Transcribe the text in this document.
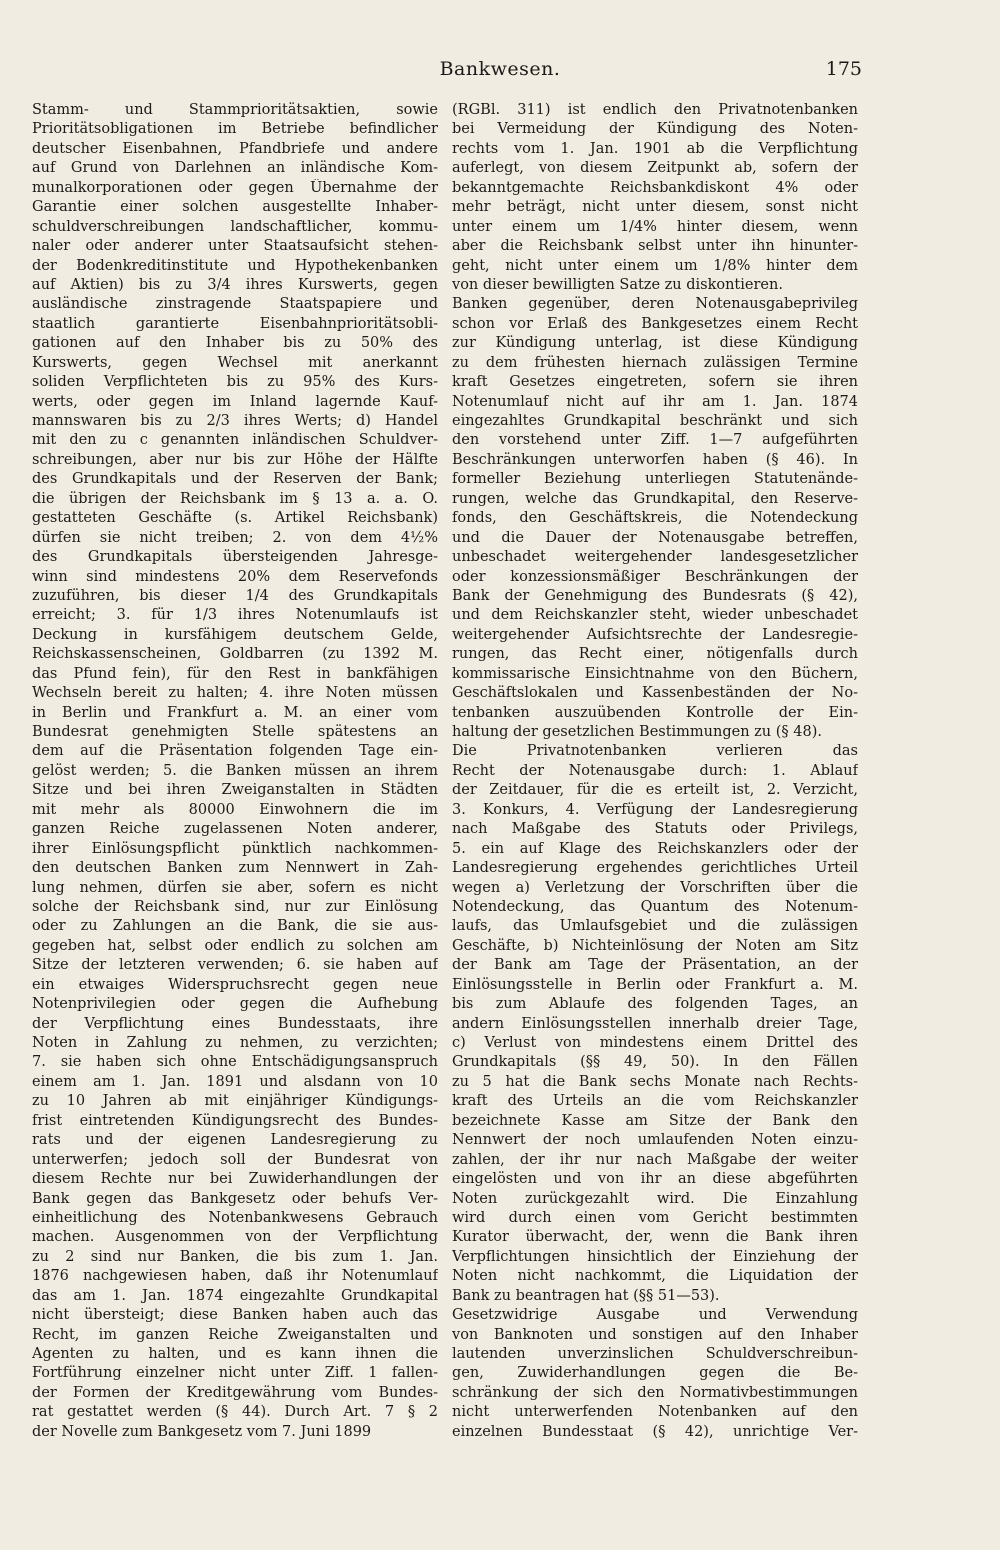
Bankwesen.	175
Stamm- und Stammprioritätsaktien, sowie
Prioritätsobligationen im Betriebe befindlicher
deutscher Eisenbahnen, Pfandbriefe und andere
auf Grund von Darlehnen an inländische Kom-
munalkorporationen oder gegen Übernahme der
Garantie einer solchen ausgestellte Inhaber-
schuldverschreibungen landschaftlicher, kommu-
naler oder anderer unter Staatsaufsicht stehen-
der Bodenkreditinstitute und Hypothekenbanken
auf Aktien) bis zu 3/4 ihres Kurswerts, gegen
ausländische zinstragende Staatspapiere und
staatlich garantierte Eisenbahnprioritätsobli-
gationen auf den Inhaber bis zu 50% des
Kurswerts, gegen Wechsel mit anerkannt
soliden Verpflichteten bis zu 95% des Kurs-
werts, oder gegen im Inland lagernde Kauf-
mannswaren bis zu 2/3 ihres Werts; d) Handel
mit den zu c genannten inländischen Schuldver-
schreibungen, aber nur bis zur Höhe der Hälfte
des Grundkapitals und der Reserven der Bank;
die übrigen der Reichsbank im § 13 a. a. O.
gestatteten Geschäfte (s. Artikel Reichsbank)
dürfen sie nicht treiben; 2. von dem 4½%
des Grundkapitals übersteigenden Jahresge-
winn sind mindestens 20% dem Reservefonds
zuzuführen, bis dieser 1/4 des Grundkapitals
erreicht; 3. für 1/3 ihres Notenumlaufs ist
Deckung in kursfähigem deutschem Gelde,
Reichskassenscheinen, Goldbarren (zu 1392 M.
das Pfund fein), für den Rest in bankfähigen
Wechseln bereit zu halten; 4. ihre Noten müssen
in Berlin und Frankfurt a. M. an einer vom
Bundesrat genehmigten Stelle spätestens an
dem auf die Präsentation folgenden Tage ein-
gelöst werden; 5. die Banken müssen an ihrem
Sitze und bei ihren Zweiganstalten in Städten
mit mehr als 80000 Einwohnern die im
ganzen Reiche zugelassenen Noten anderer,
ihrer Einlösungspflicht pünktlich nachkommen-
den deutschen Banken zum Nennwert in Zah-
lung nehmen, dürfen sie aber, sofern es nicht
solche der Reichsbank sind, nur zur Einlösung
oder zu Zahlungen an die Bank, die sie aus-
gegeben hat, selbst oder endlich zu solchen am
Sitze der letzteren verwenden; 6. sie haben auf
ein etwaiges Widerspruchsrecht gegen neue
Notenprivilegien oder gegen die Aufhebung
der Verpflichtung eines Bundesstaats, ihre
Noten in Zahlung zu nehmen, zu verzichten;
7. sie haben sich ohne Entschädigungsanspruch
einem am 1. Jan. 1891 und alsdann von 10
zu 10 Jahren ab mit einjähriger Kündigungs-
frist eintretenden Kündigungsrecht des Bundes-
rats und der eigenen Landesregierung zu
unterwerfen; jedoch soll der Bundesrat von
diesem Rechte nur bei Zuwiderhandlungen der
Bank gegen das Bankgesetz oder behufs Ver-
einheitlichung des Notenbankwesens Gebrauch
machen. Ausgenommen von der Verpflichtung
zu 2 sind nur Banken, die bis zum 1. Jan.
1876 nachgewiesen haben, daß ihr Notenumlauf
das am 1. Jan. 1874 eingezahlte Grundkapital
nicht übersteigt; diese Banken haben auch das
Recht, im ganzen Reiche Zweiganstalten und
Agenten zu halten, und es kann ihnen die
Fortführung einzelner nicht unter Ziff. 1 fallen-
der Formen der Kreditgewährung vom Bundes-
rat gestattet werden (§ 44). Durch Art. 7 § 2
der Novelle zum Bankgesetz vom 7. Juni 1899
(RGBl. 311) ist endlich den Privatnotenbanken
bei Vermeidung der Kündigung des Noten-
rechts vom 1. Jan. 1901 ab die Verpflichtung
auferlegt, von diesem Zeitpunkt ab, sofern der
bekanntgemachte Reichsbankdiskont 4% oder
mehr beträgt, nicht unter diesem, sonst nicht
unter einem um 1/4% hinter diesem, wenn
aber die Reichsbank selbst unter ihn hinunter-
geht, nicht unter einem um 1/8% hinter dem
von dieser bewilligten Satze zu diskontieren.
Banken gegenüber, deren Notenausgabeprivileg
schon vor Erlaß des Bankgesetzes einem Recht
zur Kündigung unterlag, ist diese Kündigung
zu dem frühesten hiernach zulässigen Termine
kraft Gesetzes eingetreten, sofern sie ihren
Notenumlauf nicht auf ihr am 1. Jan. 1874
eingezahltes Grundkapital beschränkt und sich
den vorstehend unter Ziff. 1—7 aufgeführten
Beschränkungen unterworfen haben (§ 46). In
formeller Beziehung unterliegen Statutenände-
rungen, welche das Grundkapital, den Reserve-
fonds, den Geschäftskreis, die Notendeckung
und die Dauer der Notenausgabe betreffen,
unbeschadet weitergehender landesgesetzlicher
oder konzessionsmäßiger Beschränkungen der
Bank der Genehmigung des Bundesrats (§ 42),
und dem Reichskanzler steht, wieder unbeschadet
weitergehender Aufsichtsrechte der Landesregie-
rungen, das Recht einer, nötigenfalls durch
kommissarische Einsichtnahme von den Büchern,
Geschäftslokalen und Kassenbeständen der No-
tenbanken auszuübenden Kontrolle der Ein-
haltung der gesetzlichen Bestimmungen zu (§ 48).
Die Privatnotenbanken verlieren das
Recht der Notenausgabe durch: 1. Ablauf
der Zeitdauer, für die es erteilt ist, 2. Verzicht,
3. Konkurs, 4. Verfügung der Landesregierung
nach Maßgabe des Statuts oder Privilegs,
5. ein auf Klage des Reichskanzlers oder der
Landesregierung ergehendes gerichtliches Urteil
wegen a) Verletzung der Vorschriften über die
Notendeckung, das Quantum des Notenum-
laufs, das Umlaufsgebiet und die zulässigen
Geschäfte, b) Nichteinlösung der Noten am Sitz
der Bank am Tage der Präsentation, an der
Einlösungsstelle in Berlin oder Frankfurt a. M.
bis zum Ablaufe des folgenden Tages, an
andern Einlösungsstellen innerhalb dreier Tage,
c) Verlust von mindestens einem Drittel des
Grundkapitals (§§ 49, 50). In den Fällen
zu 5 hat die Bank sechs Monate nach Rechts-
kraft des Urteils an die vom Reichskanzler
bezeichnete Kasse am Sitze der Bank den
Nennwert der noch umlaufenden Noten einzu-
zahlen, der ihr nur nach Maßgabe der weiter
eingelösten und von ihr an diese abgeführten
Noten zurückgezahlt wird. Die Einzahlung
wird durch einen vom Gericht bestimmten
Kurator überwacht, der, wenn die Bank ihren
Verpflichtungen hinsichtlich der Einziehung der
Noten nicht nachkommt, die Liquidation der
Bank zu beantragen hat (§§ 51—53).
Gesetzwidrige Ausgabe und Verwendung
von Banknoten und sonstigen auf den Inhaber
lautenden unverzinslichen Schuldverschreibun-
gen, Zuwiderhandlungen gegen die Be-
schränkung der sich den Normativbestimmungen
nicht unterwerfenden Notenbanken auf den
einzelnen Bundesstaat (§ 42), unrichtige Ver-
